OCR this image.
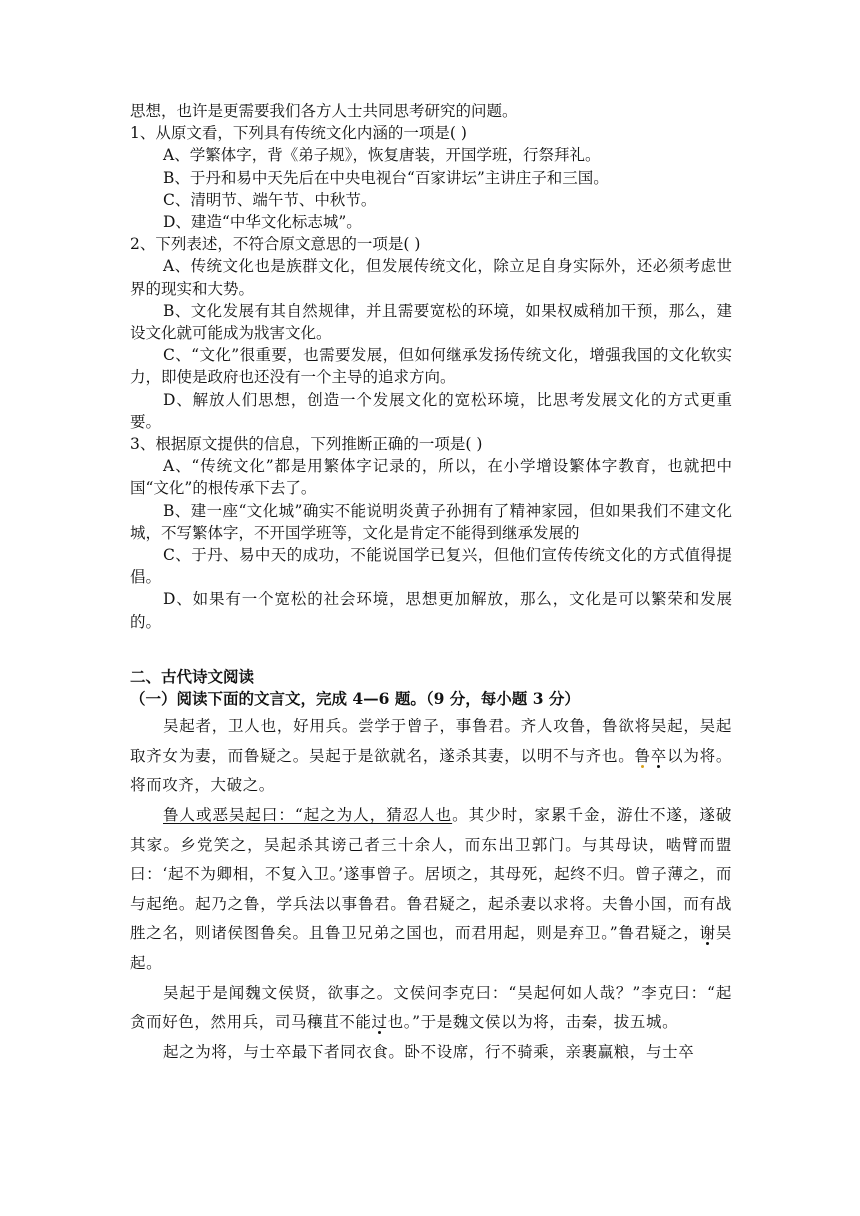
思想，也许是更需要我们各方人士共同思考研究的问题。

1、从原文看，下列具有传统文化内涵的一项是( )

A、学繁体字，背《弟子规》，恢复唐装，开国学班，行祭拜礼。

B、于丹和易中天先后在中央电视台“百家讲坛”主讲庄子和三国。

C、清明节、端午节、中秋节。

D、建造“中华文化标志城”。

2、下列表述，不符合原文意思的一项是( )

A、传统文化也是族群文化，但发展传统文化，除立足自身实际外，还必须考虑世界的现实和大势。

B、文化发展有其自然规律，并且需要宽松的环境，如果权威稍加干预，那么，建设文化就可能成为戕害文化。

C、“文化”很重要，也需要发展，但如何继承发扬传统文化，增强我国的文化软实力，即使是政府也还没有一个主导的追求方向。

D、解放人们思想，创造一个发展文化的宽松环境，比思考发展文化的方式更重要。

3、根据原文提供的信息，下列推断正确的一项是( )

A、“传统文化”都是用繁体字记录的，所以，在小学增设繁体字教育，也就把中国“文化”的根传承下去了。

B、建一座“文化城”确实不能说明炎黄子孙拥有了精神家园，但如果我们不建文化城，不写繁体字，不开国学班等，文化是肯定不能得到继承发展的

C、于丹、易中天的成功，不能说国学已复兴，但他们宣传传统文化的方式值得提倡。

D、如果有一个宽松的社会环境，思想更加解放，那么，文化是可以繁荣和发展的。

二、古代诗文阅读

（一）阅读下面的文言文，完成 4—6 题。（9 分，每小题 3 分）

吴起者，卫人也，好用兵。尝学于曾子，事鲁君。齐人攻鲁，鲁欲将吴起，吴起取齐女为妻，而鲁疑之。吴起于是欲就名，遂杀其妻，以明不与齐也。鲁卒以为将。将而攻齐，大破之。

鲁人或恶吴起曰：“起之为人，猜忍人也。其少时，家累千金，游仕不遂，遂破其家。乡党笑之，吴起杀其谤己者三十余人，而东出卫郭门。与其母诀，啮臂而盟曰：‘起不为卿相，不复入卫。’遂事曾子。居顷之，其母死，起终不归。曾子薄之，而与起绝。起乃之鲁，学兵法以事鲁君。鲁君疑之，起杀妻以求将。夫鲁小国，而有战胜之名，则诸侯图鲁矣。且鲁卫兄弟之国也，而君用起，则是弃卫。”鲁君疑之，谢吴起。

吴起于是闻魏文侯贤，欲事之。文侯问李克曰：“吴起何如人哉？”李克曰：“起贪而好色，然用兵，司马穰苴不能过也。”于是魏文侯以为将，击秦，拔五城。

起之为将，与士卒最下者同衣食。卧不设席，行不骑乘，亲裹赢粮，与士卒
